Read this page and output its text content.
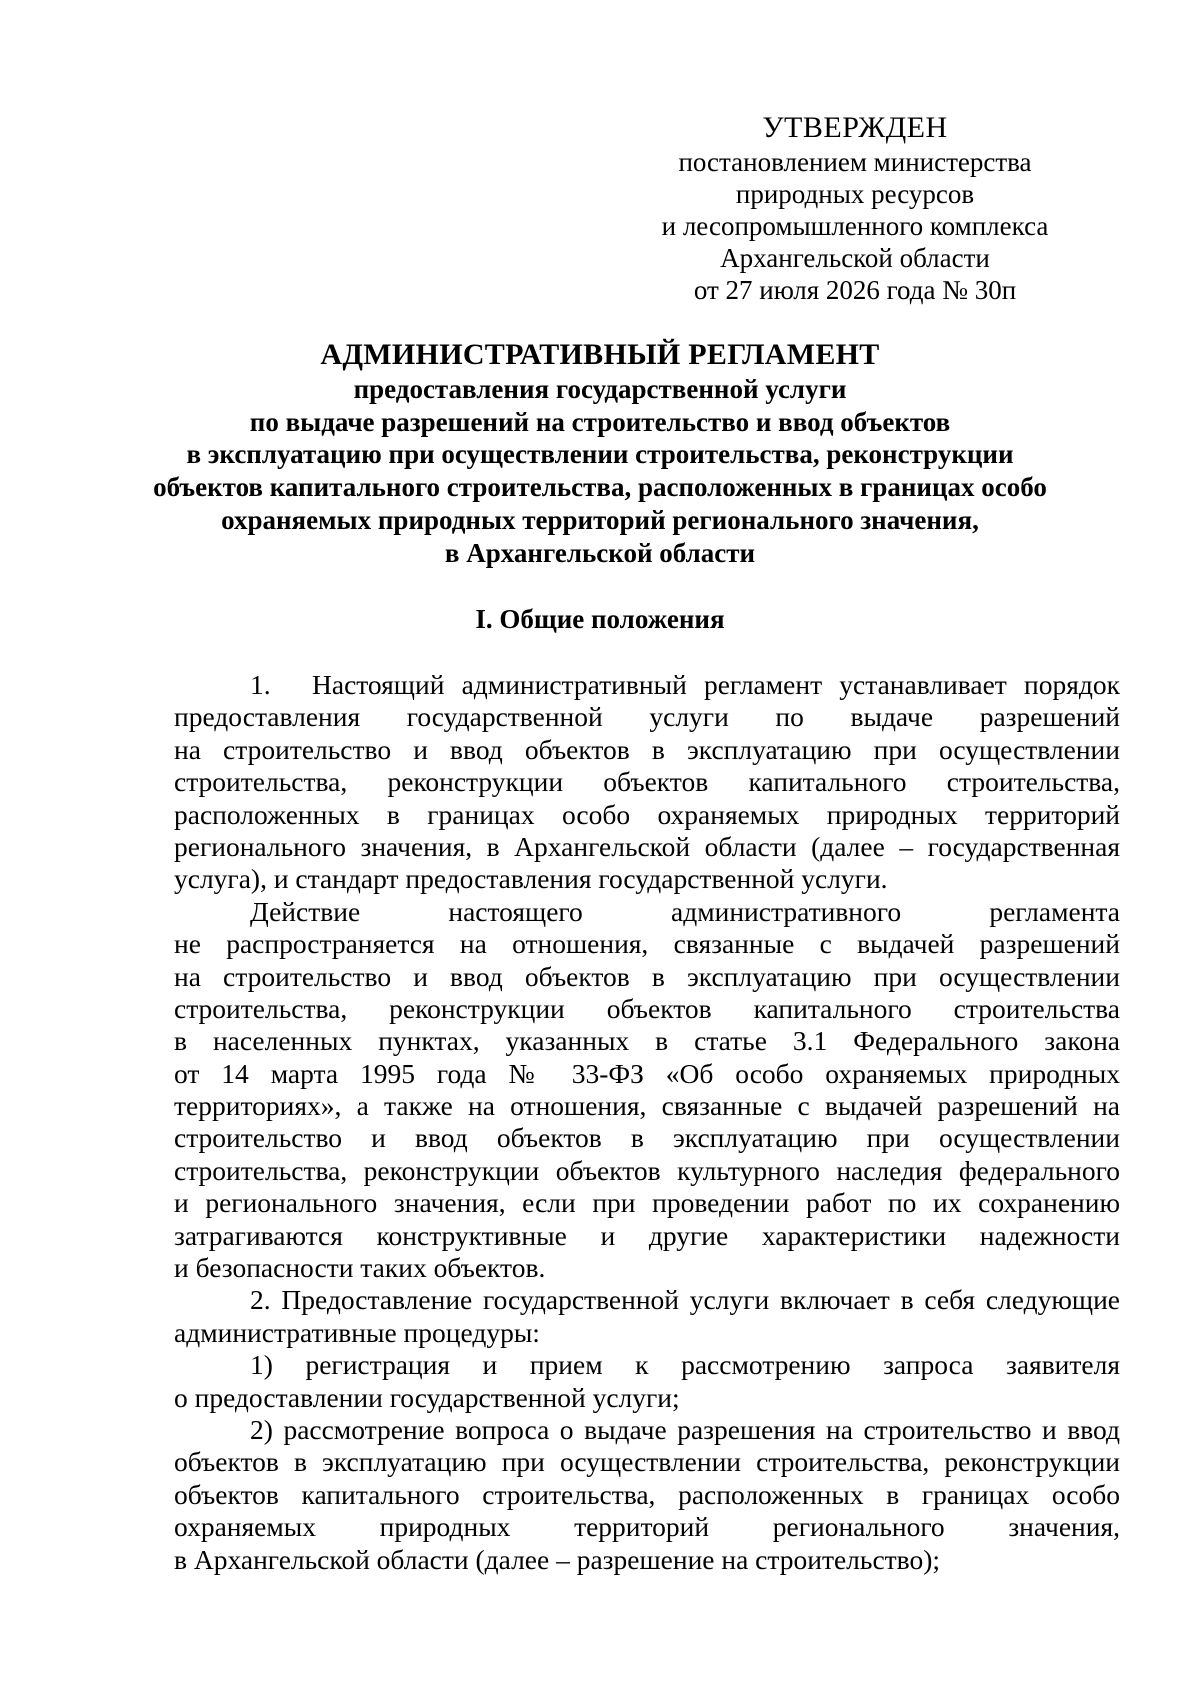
УТВЕРЖДЕН
постановлением министерства
природных ресурсов
и лесопромышленного комплекса
Архангельской области
от 27 июля 2026 года № 30п
АДМИНИСТРАТИВНЫЙ РЕГЛАМЕНТ
предоставления государственной услуги
по выдаче разрешений на строительство и ввод объектов
в эксплуатацию при осуществлении строительства, реконструкции
объектов капитального строительства, расположенных в границах особо
охраняемых природных территорий регионального значения,
в Архангельской области
I. Общие положения
1. Настоящий административный регламент устанавливает порядок
предоставления государственной услуги по выдаче разрешений
на строительство и ввод объектов в эксплуатацию при осуществлении
строительства, реконструкции объектов капитального строительства,
расположенных в границах особо охраняемых природных территорий
регионального значения, в Архангельской области (далее – государственная
услуга), и стандарт предоставления государственной услуги.
Действие настоящего административного регламента
не распространяется на отношения, связанные с выдачей разрешений
на строительство и ввод объектов в эксплуатацию при осуществлении
строительства, реконструкции объектов капитального строительства
в населенных пунктах, указанных в статье 3.1 Федерального закона
от 14 марта 1995 года № 33-ФЗ «Об особо охраняемых природных
территориях», а также на отношения, связанные с выдачей разрешений на
строительство и ввод объектов в эксплуатацию при осуществлении
строительства, реконструкции объектов культурного наследия федерального
и регионального значения, если при проведении работ по их сохранению
затрагиваются конструктивные и другие характеристики надежности
и безопасности таких объектов.
2. Предоставление государственной услуги включает в себя следующие
административные процедуры:
1) регистрация и прием к рассмотрению запроса заявителя
о предоставлении государственной услуги;
2) рассмотрение вопроса о выдаче разрешения на строительство и ввод
объектов в эксплуатацию при осуществлении строительства, реконструкции
объектов капитального строительства, расположенных в границах особо
охраняемых природных территорий регионального значения,
в Архангельской области (далее – разрешение на строительство);
